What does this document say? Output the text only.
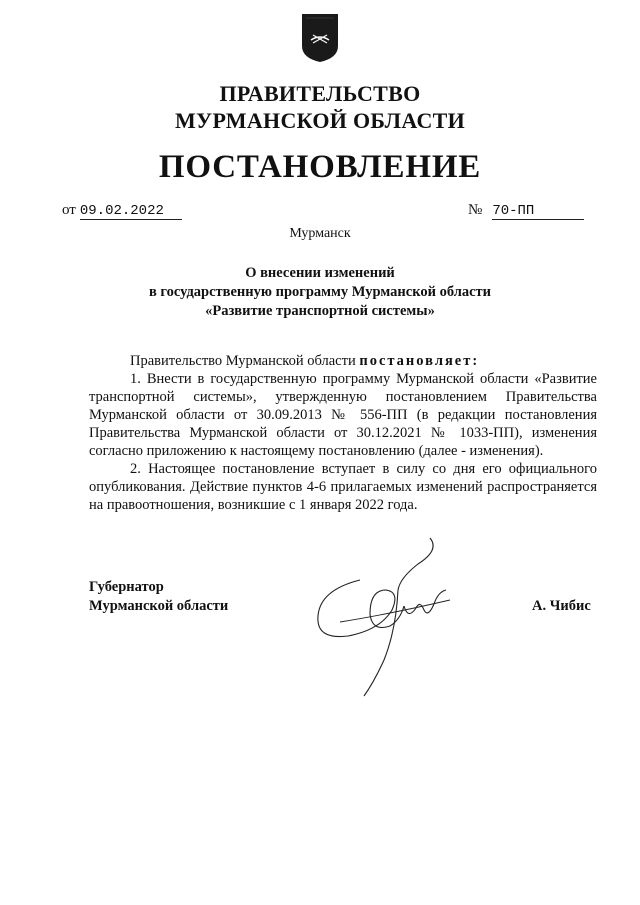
ПРАВИТЕЛЬСТВО
МУРМАНСКОЙ ОБЛАСТИ
ПОСТАНОВЛЕНИЕ
от 09.02.2022	№ 70-ПП
Мурманск
О внесении изменений
в государственную программу Мурманской области
«Развитие транспортной системы»

Правительство Мурманской области постановляет:

1. Внести в государственную программу Мурманской области «Развитие транспортной системы», утвержденную постановлением Правительства Мурманской области от 30.09.2013 № 556-ПП (в редакции постановления Правительства Мурманской области от 30.12.2021 № 1033-ПП), изменения согласно приложению к настоящему постановлению (далее - изменения).

2. Настоящее постановление вступает в силу со дня его официального опубликования. Действие пунктов 4-6 прилагаемых изменений распространяется на правоотношения, возникшие с 1 января 2022 года.

Губернатор
Мурманской области	А. Чибис
